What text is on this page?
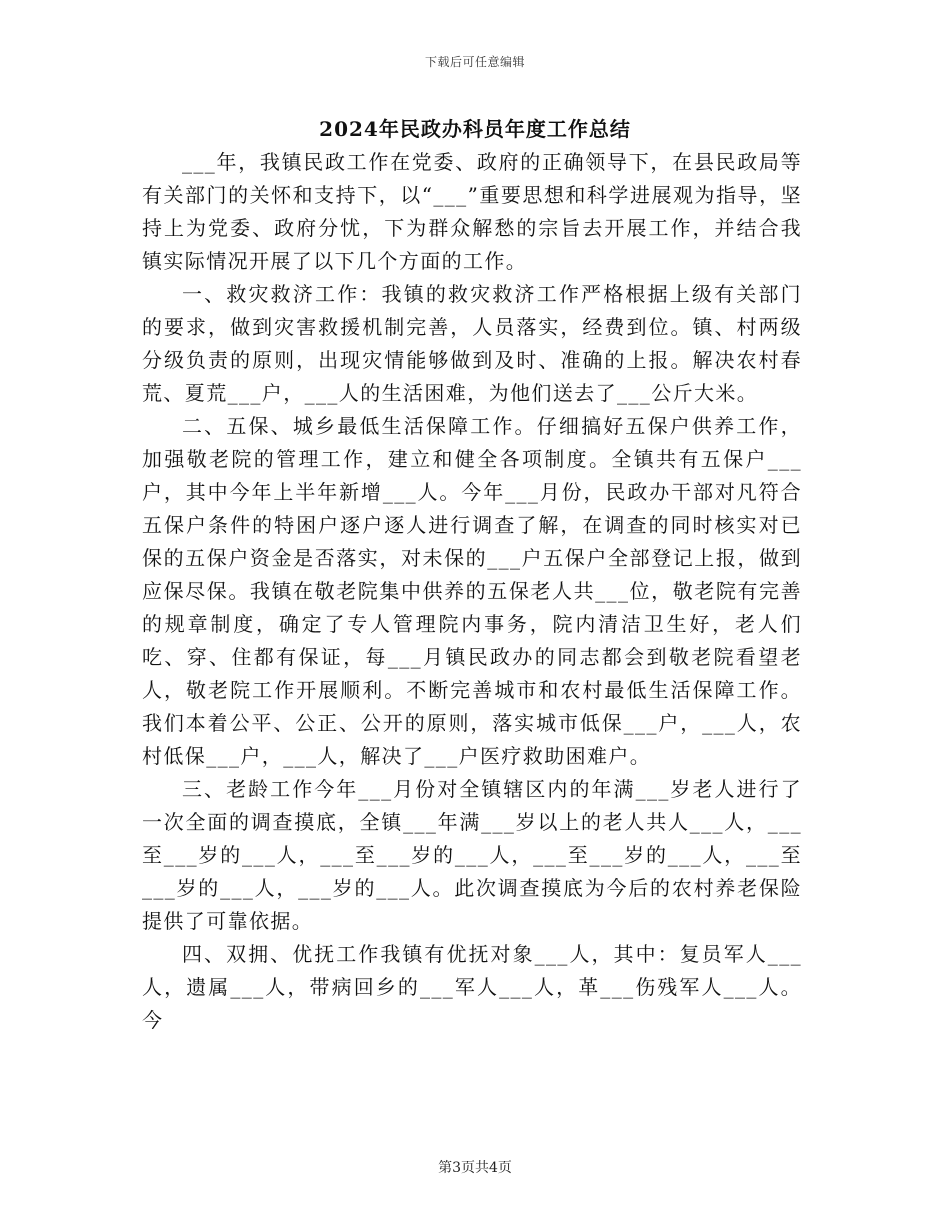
下载后可任意编辑
2024年民政办科员年度工作总结

___年，我镇民政工作在党委、政府的正确领导下，在县民政局等有关部门的关怀和支持下，以“___”重要思想和科学进展观为指导，坚持上为党委、政府分忧，下为群众解愁的宗旨去开展工作，并结合我镇实际情况开展了以下几个方面的工作。

一、救灾救济工作：我镇的救灾救济工作严格根据上级有关部门的要求，做到灾害救援机制完善，人员落实，经费到位。镇、村两级分级负责的原则，出现灾情能够做到及时、准确的上报。解决农村春荒、夏荒___户，___人的生活困难，为他们送去了___公斤大米。

二、五保、城乡最低生活保障工作。仔细搞好五保户供养工作，加强敬老院的管理工作，建立和健全各项制度。全镇共有五保户___户，其中今年上半年新增___人。今年___月份，民政办干部对凡符合五保户条件的特困户逐户逐人进行调查了解，在调查的同时核实对已保的五保户资金是否落实，对未保的___户五保户全部登记上报，做到应保尽保。我镇在敬老院集中供养的五保老人共___位，敬老院有完善的规章制度，确定了专人管理院内事务，院内清洁卫生好，老人们吃、穿、住都有保证，每___月镇民政办的同志都会到敬老院看望老人，敬老院工作开展顺利。不断完善城市和农村最低生活保障工作。我们本着公平、公正、公开的原则，落实城市低保___户，___人，农村低保___户，___人，解决了___户医疗救助困难户。

三、老龄工作今年___月份对全镇辖区内的年满___岁老人进行了一次全面的调查摸底，全镇___年满___岁以上的老人共人___人，___至___岁的___人，___至___岁的___人，___至___岁的___人，___至___岁的___人，___岁的___人。此次调查摸底为今后的农村养老保险提供了可靠依据。

四、双拥、优抚工作我镇有优抚对象___人，其中：复员军人___人，遗属___人，带病回乡的___军人___人，革___伤残军人___人。今

第3页共4页
